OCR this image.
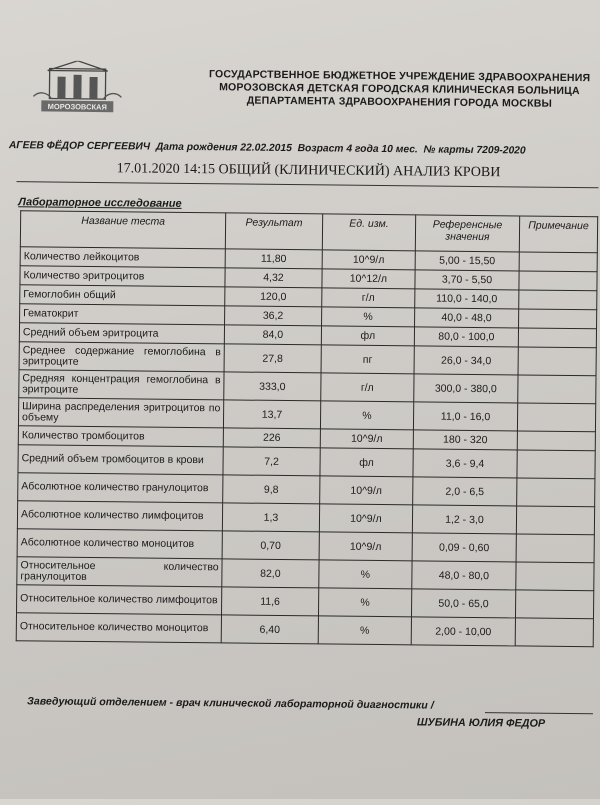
МОРОЗОВСКАЯ
ГОСУДАРСТВЕННОЕ БЮДЖЕТНОЕ УЧРЕЖДЕНИЕ ЗДРАВООХРАНЕНИЯ
МОРОЗОВСКАЯ ДЕТСКАЯ ГОРОДСКАЯ КЛИНИЧЕСКАЯ БОЛЬНИЦА
ДЕПАРТАМЕНТА ЗДРАВООХРАНЕНИЯ ГОРОДА МОСКВЫ
АГЕЕВ ФЁДОР СЕРГЕЕВИЧ Дата рождения 22.02.2015 Возраст 4 года 10 мес. № карты 7209-2020
17.01.2020 14:15 ОБЩИЙ (КЛИНИЧЕСКИЙ) АНАЛИЗ КРОВИ
Лабораторное исследование
Название теста	Результат	Ед. изм.	Референсные значения	Примечание
Количество лейкоцитов	11,80	10^9/л	5,00 - 15,50	
Количество эритроцитов	4,32	10^12/л	3,70 - 5,50	
Гемоглобин общий	120,0	г/л	110,0 - 140,0	
Гематокрит	36,2	%	40,0 - 48,0	
Средний объем эритроцита	84,0	фл	80,0 - 100,0	
Среднее содержание гемоглобина в эритроците	27,8	пг	26,0 - 34,0	
Средняя концентрация гемоглобина в эритроците	333,0	г/л	300,0 - 380,0	
Ширина распределения эритроцитов по объему	13,7	%	11,0 - 16,0	
Количество тромбоцитов	226	10^9/л	180 - 320	
Средний объем тромбоцитов в крови	7,2	фл	3,6 - 9,4	
Абсолютное количество гранулоцитов	9,8	10^9/л	2,0 - 6,5	
Абсолютное количество лимфоцитов	1,3	10^9/л	1,2 - 3,0	
Абсолютное количество моноцитов	0,70	10^9/л	0,09 - 0,60	
Относительное количество гранулоцитов	82,0	%	48,0 - 80,0	
Относительное количество лимфоцитов	11,6	%	50,0 - 65,0	
Относительное количество моноцитов	6,40	%	2,00 - 10,00	
Заведующий отделением - врач клинической лабораторной диагностики /
ШУБИНА ЮЛИЯ ФЕДОР
